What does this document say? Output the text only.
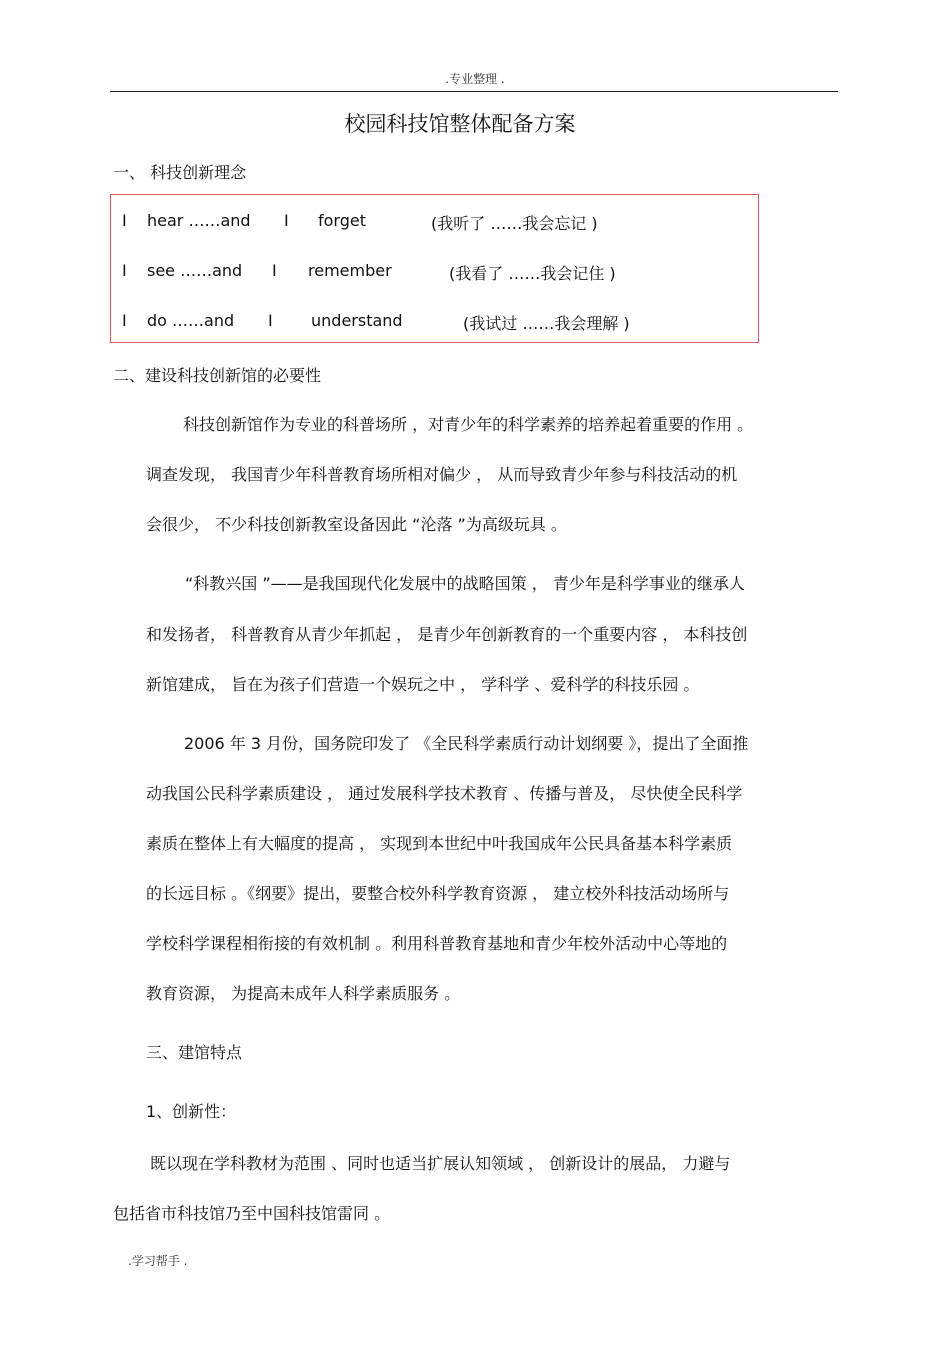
.专业整理 .
校园科技馆整体配备方案
一、 科技创新理念
I hear ……and I forget	(我听了 ……我会忘记 )
I see ……and I remember	(我看了 ……我会记住 )
I do ……and I understand	(我试过 ……我会理解 )
二、建设科技创新馆的必要性
科技创新馆作为专业的科普场所 ，对青少年的科学素养的培养起着重要的作用 。
调查发现， 我国青少年科普教育场所相对偏少 ， 从而导致青少年参与科技活动的机
会很少， 不少科技创新教室设备因此 “沦落 ”为高级玩具 。
“科教兴国 ”——是我国现代化发展中的战略国策 ， 青少年是科学事业的继承人
和发扬者， 科普教育从青少年抓起 ， 是青少年创新教育的一个重要内容 ， 本科技创
新馆建成， 旨在为孩子们营造一个娱玩之中 ， 学科学 、爱科学的科技乐园 。
2006 年 3 月份，国务院印发了 《全民科学素质行动计划纲要 》，提出了全面推
动我国公民科学素质建设 ， 通过发展科学技术教育 、传播与普及， 尽快使全民科学
素质在整体上有大幅度的提高 ， 实现到本世纪中叶我国成年公民具备基本科学素质
的长远目标 。《纲要》提出，要整合校外科学教育资源 ， 建立校外科技活动场所与
学校科学课程相衔接的有效机制 。利用科普教育基地和青少年校外活动中心等地的
教育资源， 为提高未成年人科学素质服务 。
三、建馆特点
1、创新性：
既以现在学科教材为范围 、同时也适当扩展认知领域 ， 创新设计的展品， 力避与
包括省市科技馆乃至中国科技馆雷同 。
.学习帮手 .
